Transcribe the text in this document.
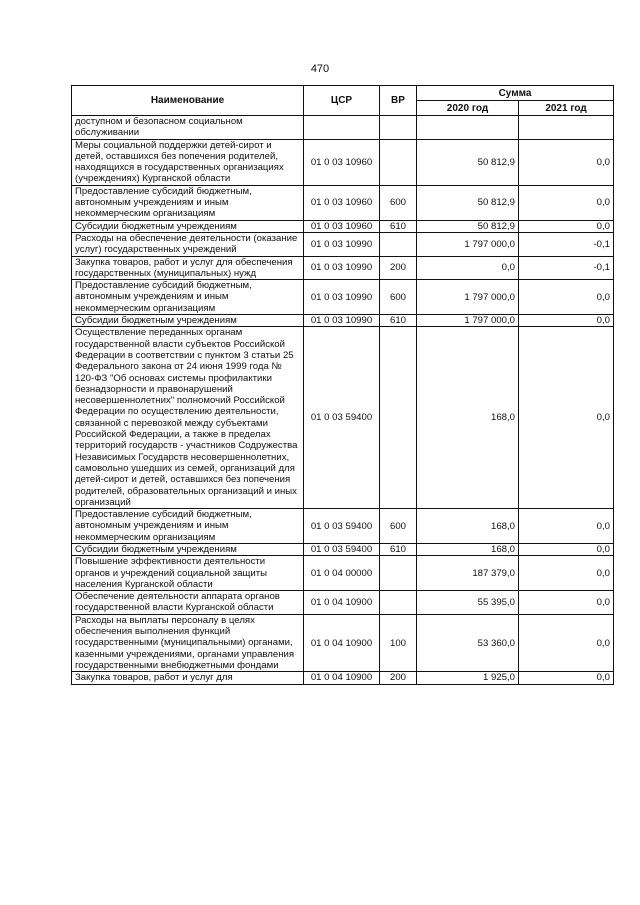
470
Наименование	ЦСР	ВР	Сумма	
			2020 год	2021 год
доступном и безопасном социальном обслуживании				
Меры социальной поддержки детей-сирот и детей, оставшихся без попечения родителей, находящихся в государственных организациях (учреждениях) Курганской области	01 0 03 10960		50 812,9	0,0
Предоставление субсидий бюджетным, автономным учреждениям и иным некоммерческим организациям	01 0 03 10960	600	50 812,9	0,0
Субсидии бюджетным учреждениям	01 0 03 10960	610	50 812,9	0,0
Расходы на обеспечение деятельности (оказание услуг) государственных учреждений	01 0 03 10990		1 797 000,0	-0,1
Закупка товаров, работ и услуг для обеспечения государственных (муниципальных) нужд	01 0 03 10990	200	0,0	-0,1
Предоставление субсидий бюджетным, автономным учреждениям и иным некоммерческим организациям	01 0 03 10990	600	1 797 000,0	0,0
Субсидии бюджетным учреждениям	01 0 03 10990	610	1 797 000,0	0,0
Осуществление переданных органам государственной власти субъектов Российской Федерации в соответствии с пунктом 3 статьи 25 Федерального закона от 24 июня 1999 года № 120-ФЗ "Об основах системы профилактики безнадзорности и правонарушений несовершеннолетних" полномочий Российской Федерации по осуществлению деятельности, связанной с перевозкой между субъектами Российской Федерации, а также в пределах территорий государств - участников Содружества Независимых Государств несовершеннолетних, самовольно ушедших из семей, организаций для детей-сирот и детей, оставшихся без попечения родителей, образовательных организаций и иных организаций	01 0 03 59400		168,0	0,0
Предоставление субсидий бюджетным, автономным учреждениям и иным некоммерческим организациям	01 0 03 59400	600	168,0	0,0
Субсидии бюджетным учреждениям	01 0 03 59400	610	168,0	0,0
Повышение эффективности деятельности органов и учреждений социальной защиты населения Курганской области	01 0 04 00000		187 379,0	0,0
Обеспечение деятельности аппарата органов государственной власти Курганской области	01 0 04 10900		55 395,0	0,0
Расходы на выплаты персоналу в целях обеспечения выполнения функций государственными (муниципальными) органами, казенными учреждениями, органами управления государственными внебюджетными фондами	01 0 04 10900	100	53 360,0	0,0
Закупка товаров, работ и услуг для	01 0 04 10900	200	1 925,0	0,0
